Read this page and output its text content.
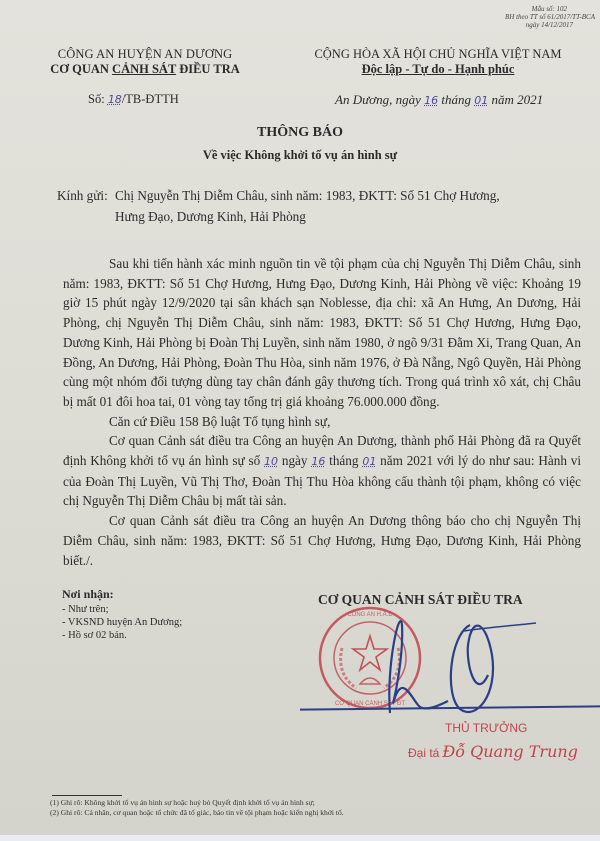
Mẫu số: 102
BH theo TT số 61/2017/TT-BCA
ngày 14/12/2017
CÔNG AN HUYỆN AN DƯƠNG
CƠ QUAN CẢNH SÁT ĐIỀU TRA
CỘNG HÒA XÃ HỘI CHỦ NGHĨA VIỆT NAM
Độc lập - Tự do - Hạnh phúc
Số: 18/TB-ĐTTH	An Dương, ngày 16 tháng 01 năm 2021
THÔNG BÁO
Về việc Không khởi tố vụ án hình sự
Kính gửi: Chị Nguyễn Thị Diễm Châu, sinh năm: 1983, ĐKTT: Số 51 Chợ Hương,
Hưng Đạo, Dương Kinh, Hải Phòng

Sau khi tiến hành xác minh nguồn tin về tội phạm của chị Nguyễn Thị Diễm Châu, sinh năm: 1983, ĐKTT: Số 51 Chợ Hương, Hưng Đạo, Dương Kinh, Hải Phòng về việc: Khoảng 19 giờ 15 phút ngày 12/9/2020 tại sân khách sạn Noblesse, địa chỉ: xã An Hưng, An Dương, Hải Phòng, chị Nguyễn Thị Diễm Châu, sinh năm: 1983, ĐKTT: Số 51 Chợ Hương, Hưng Đạo, Dương Kinh, Hải Phòng bị Đoàn Thị Luyền, sinh năm 1980, ở ngõ 9/31 Đằm Xi, Trang Quan, An Đồng, An Dương, Hải Phòng, Đoàn Thu Hòa, sinh năm 1976, ở Đà Nẵng, Ngô Quyền, Hải Phòng cùng một nhóm đối tượng dùng tay chân đánh gây thương tích. Trong quá trình xô xát, chị Châu bị mất 01 đôi hoa tai, 01 vòng tay tổng trị giá khoảng 76.000.000 đồng.

Căn cứ Điều 158 Bộ luật Tố tụng hình sự,

Cơ quan Cảnh sát điều tra Công an huyện An Dương, thành phố Hải Phòng đã ra Quyết định Không khởi tố vụ án hình sự số 10 ngày 16 tháng 01 năm 2021 với lý do như sau: Hành vi của Đoàn Thị Luyền, Vũ Thị Thơ, Đoàn Thị Thu Hòa không cấu thành tội phạm, không có việc chị Nguyễn Thị Diễm Châu bị mất tài sản.

Cơ quan Cảnh sát điều tra Công an huyện An Dương thông báo cho chị Nguyễn Thị Diễm Châu, sinh năm: 1983, ĐKTT: Số 51 Chợ Hương, Hưng Đạo, Dương Kinh, Hải Phòng biết./.

Nơi nhận:
- Như trên;
- VKSND huyện An Dương;
- Hồ sơ 02 bản.
CÔNG AN H.A.D
CƠ QUAN CẢNH SÁT ĐT
CƠ QUAN CẢNH SÁT ĐIỀU TRA
THỦ TRƯỞNG
Đại tá Đỗ Quang Trung
(1) Ghi rõ: Không khởi tố vụ án hình sự hoặc huỷ bỏ Quyết định khởi tố vụ án hình sự;
(2) Ghi rõ: Cá nhân, cơ quan hoặc tổ chức đã tố giác, báo tin về tội phạm hoặc kiến nghị khởi tố.
